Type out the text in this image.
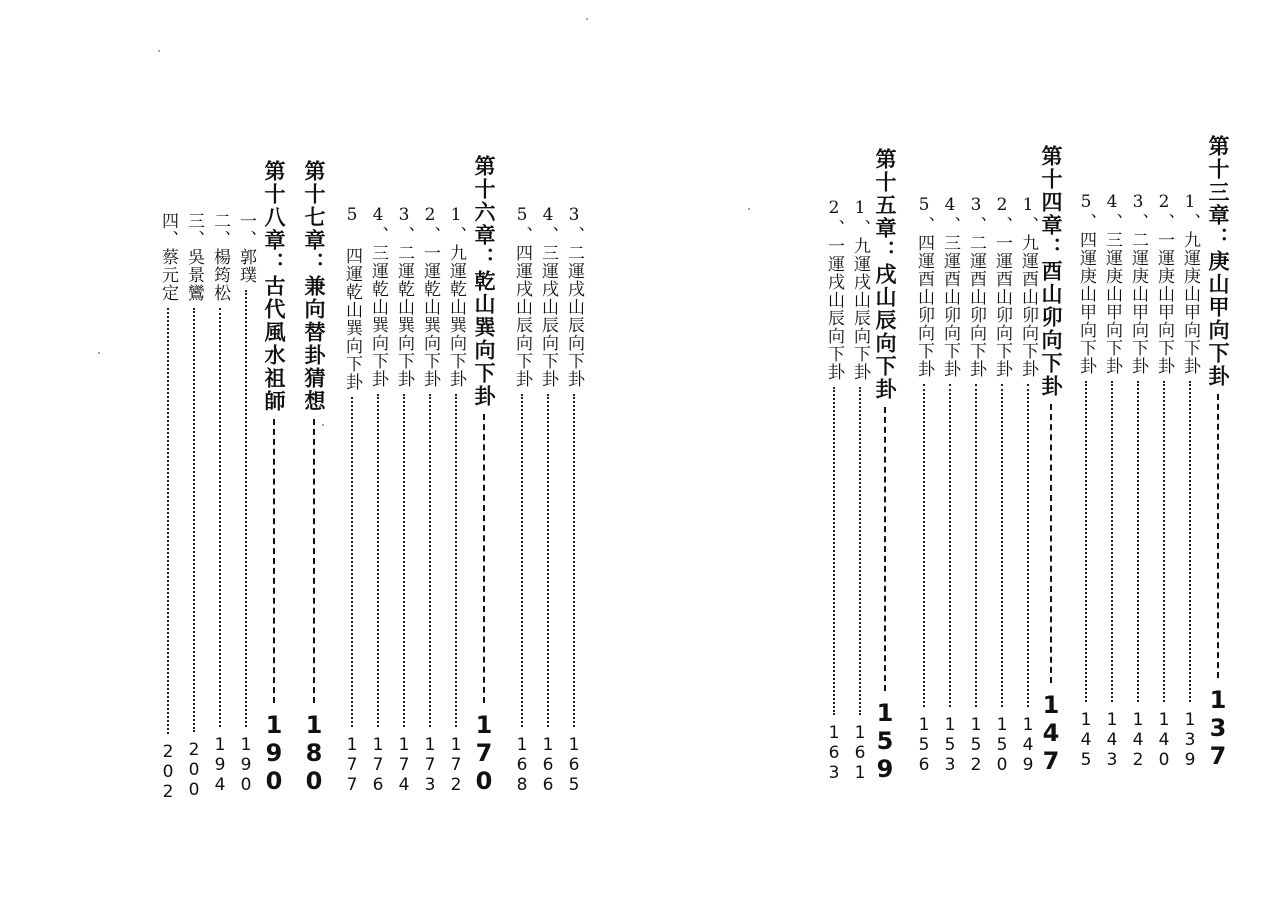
3、二運戌山辰向下卦
165
4、三運戌山辰向下卦
166
5、四運戌山辰向下卦
168
第十六章：乾山巽向下卦
170
1、九運乾山巽向下卦
172
2、一運乾山巽向下卦
173
3、二運乾山巽向下卦
174
4、三運乾山巽向下卦
176
5 四運乾山巽向下卦
177
第十七章：兼向替卦猜想
180
第十八章：古代風水祖師
190
一、郭璞
190
二、楊筠松
194
三、吳景鸞
200
四、蔡元定
202
第十三章：庚山甲向下卦
137
1、九運庚山甲向下卦
139
2、一運庚山甲向下卦
140
3、二運庚山甲向下卦
142
4、三運庚山甲向下卦
143
5、四運庚山甲向下卦
145
第十四章：酉山卯向下卦
147
1、九運酉山卯向下卦
149
2、一運酉山卯向下卦
150
3、二運酉山卯向下卦
152
4、三運酉山卯向下卦
153
5、四運酉山卯向下卦
156
第十五章：戌山辰向下卦
159
1、九運戌山辰向下卦
161
2、一運戌山辰向下卦
163
